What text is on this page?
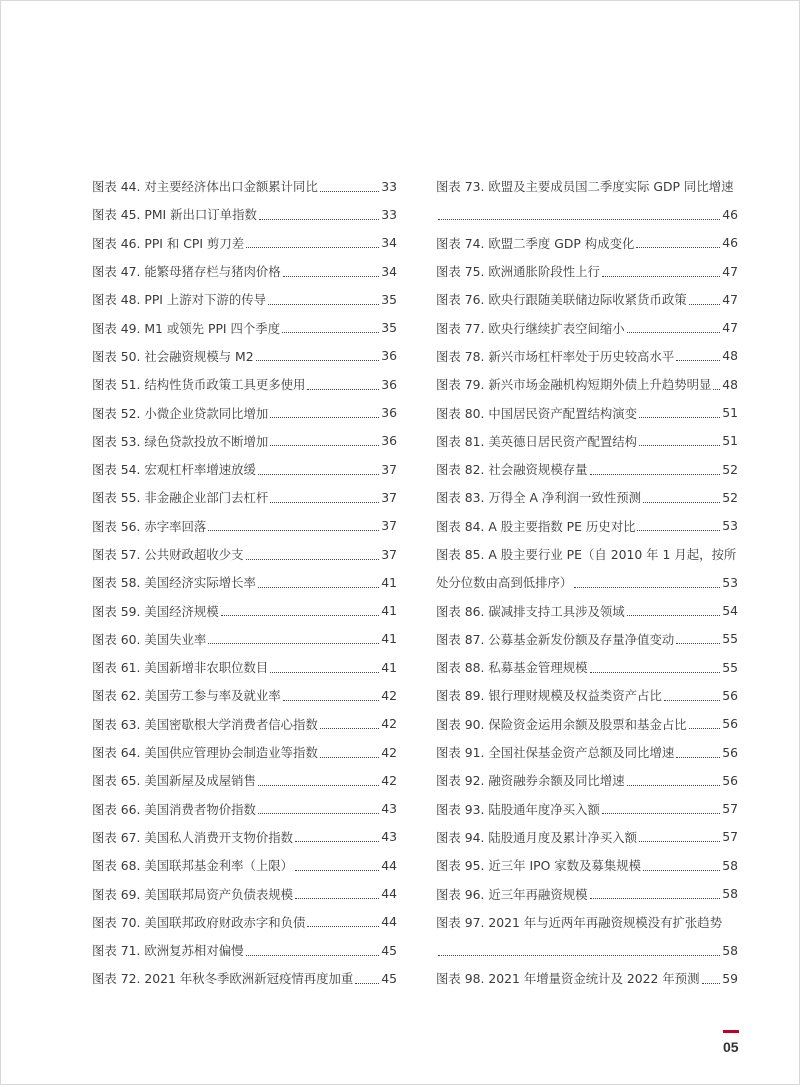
图表 44. 对主要经济体出口金额累计同比	33
图表 45. PMI 新出口订单指数	33
图表 46. PPI 和 CPI 剪刀差	34
图表 47. 能繁母猪存栏与猪肉价格	34
图表 48. PPI 上游对下游的传导	35
图表 49. M1 或领先 PPI 四个季度	35
图表 50. 社会融资规模与 M2	36
图表 51. 结构性货币政策工具更多使用	36
图表 52. 小微企业贷款同比增加	36
图表 53. 绿色贷款投放不断增加	36
图表 54. 宏观杠杆率增速放缓	37
图表 55. 非金融企业部门去杠杆	37
图表 56. 赤字率回落	37
图表 57. 公共财政超收少支	37
图表 58. 美国经济实际增长率	41
图表 59. 美国经济规模	41
图表 60. 美国失业率	41
图表 61. 美国新增非农职位数目	41
图表 62. 美国劳工参与率及就业率	42
图表 63. 美国密歇根大学消费者信心指数	42
图表 64. 美国供应管理协会制造业等指数	42
图表 65. 美国新屋及成屋销售	42
图表 66. 美国消费者物价指数	43
图表 67. 美国私人消费开支物价指数	43
图表 68. 美国联邦基金利率（上限）	44
图表 69. 美国联邦局资产负债表规模	44
图表 70. 美国联邦政府财政赤字和负债	44
图表 71. 欧洲复苏相对偏慢	45
图表 72. 2021 年秋冬季欧洲新冠疫情再度加重 45
图表 73. 欧盟及主要成员国二季度实际 GDP 同比增速
46
图表 74. 欧盟二季度 GDP 构成变化	46
图表 75. 欧洲通胀阶段性上行	47
图表 76. 欧央行跟随美联储边际收紧货币政策	47
图表 77. 欧央行继续扩表空间缩小	47
图表 78. 新兴市场杠杆率处于历史较高水平	48
图表 79. 新兴市场金融机构短期外债上升趋势明显 48
图表 80. 中国居民资产配置结构演变	51
图表 81. 美英德日居民资产配置结构	51
图表 82. 社会融资规模存量	52
图表 83. 万得全 A 净利润一致性预测	52
图表 84. A 股主要指数 PE 历史对比	53
图表 85. A 股主要行业 PE（自 2010 年 1 月起，按所
处分位数由高到低排序）	53
图表 86. 碳减排支持工具涉及领域	54
图表 87. 公募基金新发份额及存量净值变动	55
图表 88. 私募基金管理规模	55
图表 89. 银行理财规模及权益类资产占比	56
图表 90. 保险资金运用余额及股票和基金占比	56
图表 91. 全国社保基金资产总额及同比增速	56
图表 92. 融资融券余额及同比增速	56
图表 93. 陆股通年度净买入额	57
图表 94. 陆股通月度及累计净买入额	57
图表 95. 近三年 IPO 家数及募集规模	58
图表 96. 近三年再融资规模	58
图表 97. 2021 年与近两年再融资规模没有扩张趋势
58
图表 98. 2021 年增量资金统计及 2022 年预测 59
05
